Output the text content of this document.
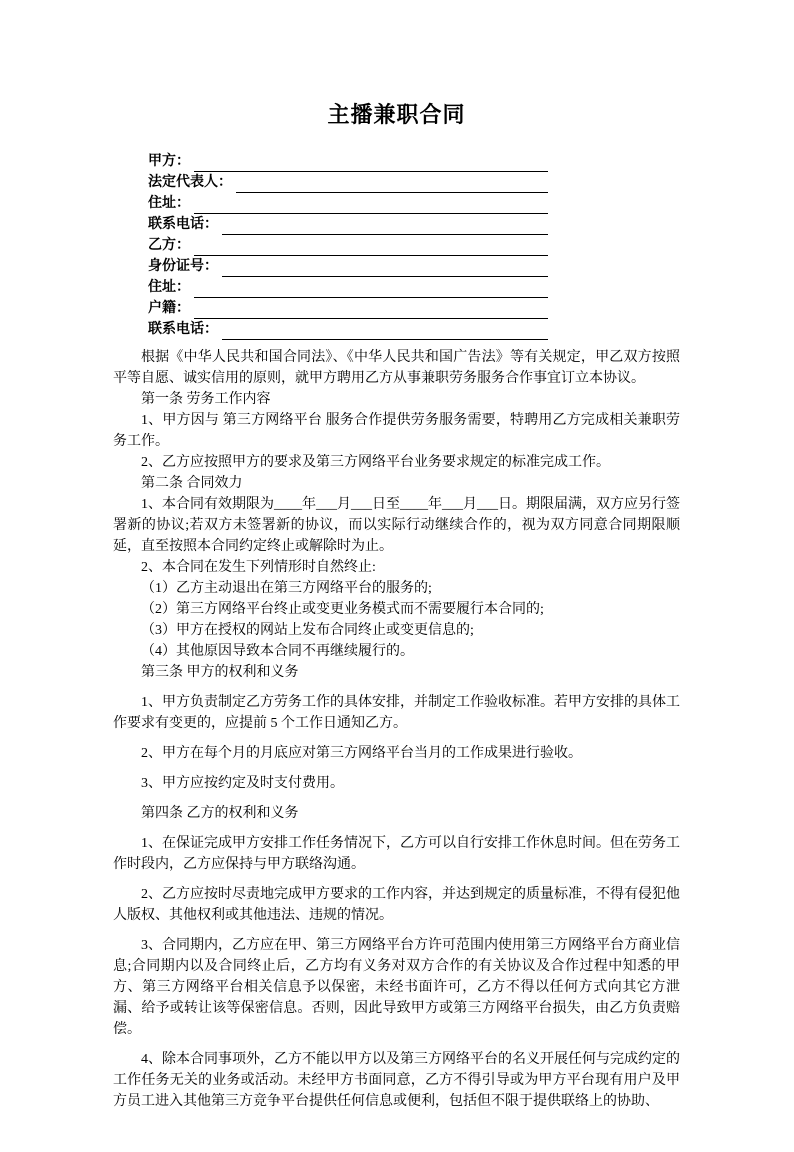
主播兼职合同
甲方：
法定代表人：
住址：
联系电话：
乙方：
身份证号：
住址：
户籍：
联系电话：

根据《中华人民共和国合同法》、《中华人民共和国广告法》等有关规定，甲乙双方按照平等自愿、诚实信用的原则，就甲方聘用乙方从事兼职劳务服务合作事宜订立本协议。

第一条 劳务工作内容

1、甲方因与 第三方网络平台 服务合作提供劳务服务需要，特聘用乙方完成相关兼职劳务工作。

2、乙方应按照甲方的要求及第三方网络平台业务要求规定的标准完成工作。

第二条 合同效力

1、本合同有效期限为____年___月___日至____年___月___日。期限届满，双方应另行签署新的协议;若双方未签署新的协议，而以实际行动继续合作的，视为双方同意合同期限顺延，直至按照本合同约定终止或解除时为止。

2、本合同在发生下列情形时自然终止:

（1）乙方主动退出在第三方网络平台的服务的;

（2）第三方网络平台终止或变更业务模式而不需要履行本合同的;

（3）甲方在授权的网站上发布合同终止或变更信息的;

（4）其他原因导致本合同不再继续履行的。

第三条 甲方的权利和义务

1、甲方负责制定乙方劳务工作的具体安排，并制定工作验收标准。若甲方安排的具体工作要求有变更的，应提前 5 个工作日通知乙方。

2、甲方在每个月的月底应对第三方网络平台当月的工作成果进行验收。

3、甲方应按约定及时支付费用。

第四条 乙方的权利和义务

1、在保证完成甲方安排工作任务情况下，乙方可以自行安排工作休息时间。但在劳务工作时段内，乙方应保持与甲方联络沟通。

2、乙方应按时尽责地完成甲方要求的工作内容，并达到规定的质量标准，不得有侵犯他人版权、其他权利或其他违法、违规的情况。

3、合同期内，乙方应在甲、第三方网络平台方许可范围内使用第三方网络平台方商业信息;合同期内以及合同终止后，乙方均有义务对双方合作的有关协议及合作过程中知悉的甲方、第三方网络平台相关信息予以保密，未经书面许可，乙方不得以任何方式向其它方泄漏、给予或转让该等保密信息。否则，因此导致甲方或第三方网络平台损失，由乙方负责赔偿。

4、除本合同事项外，乙方不能以甲方以及第三方网络平台的名义开展任何与完成约定的工作任务无关的业务或活动。未经甲方书面同意，乙方不得引导或为甲方平台现有用户及甲方员工进入其他第三方竞争平台提供任何信息或便利，包括但不限于提供联络上的协助、
